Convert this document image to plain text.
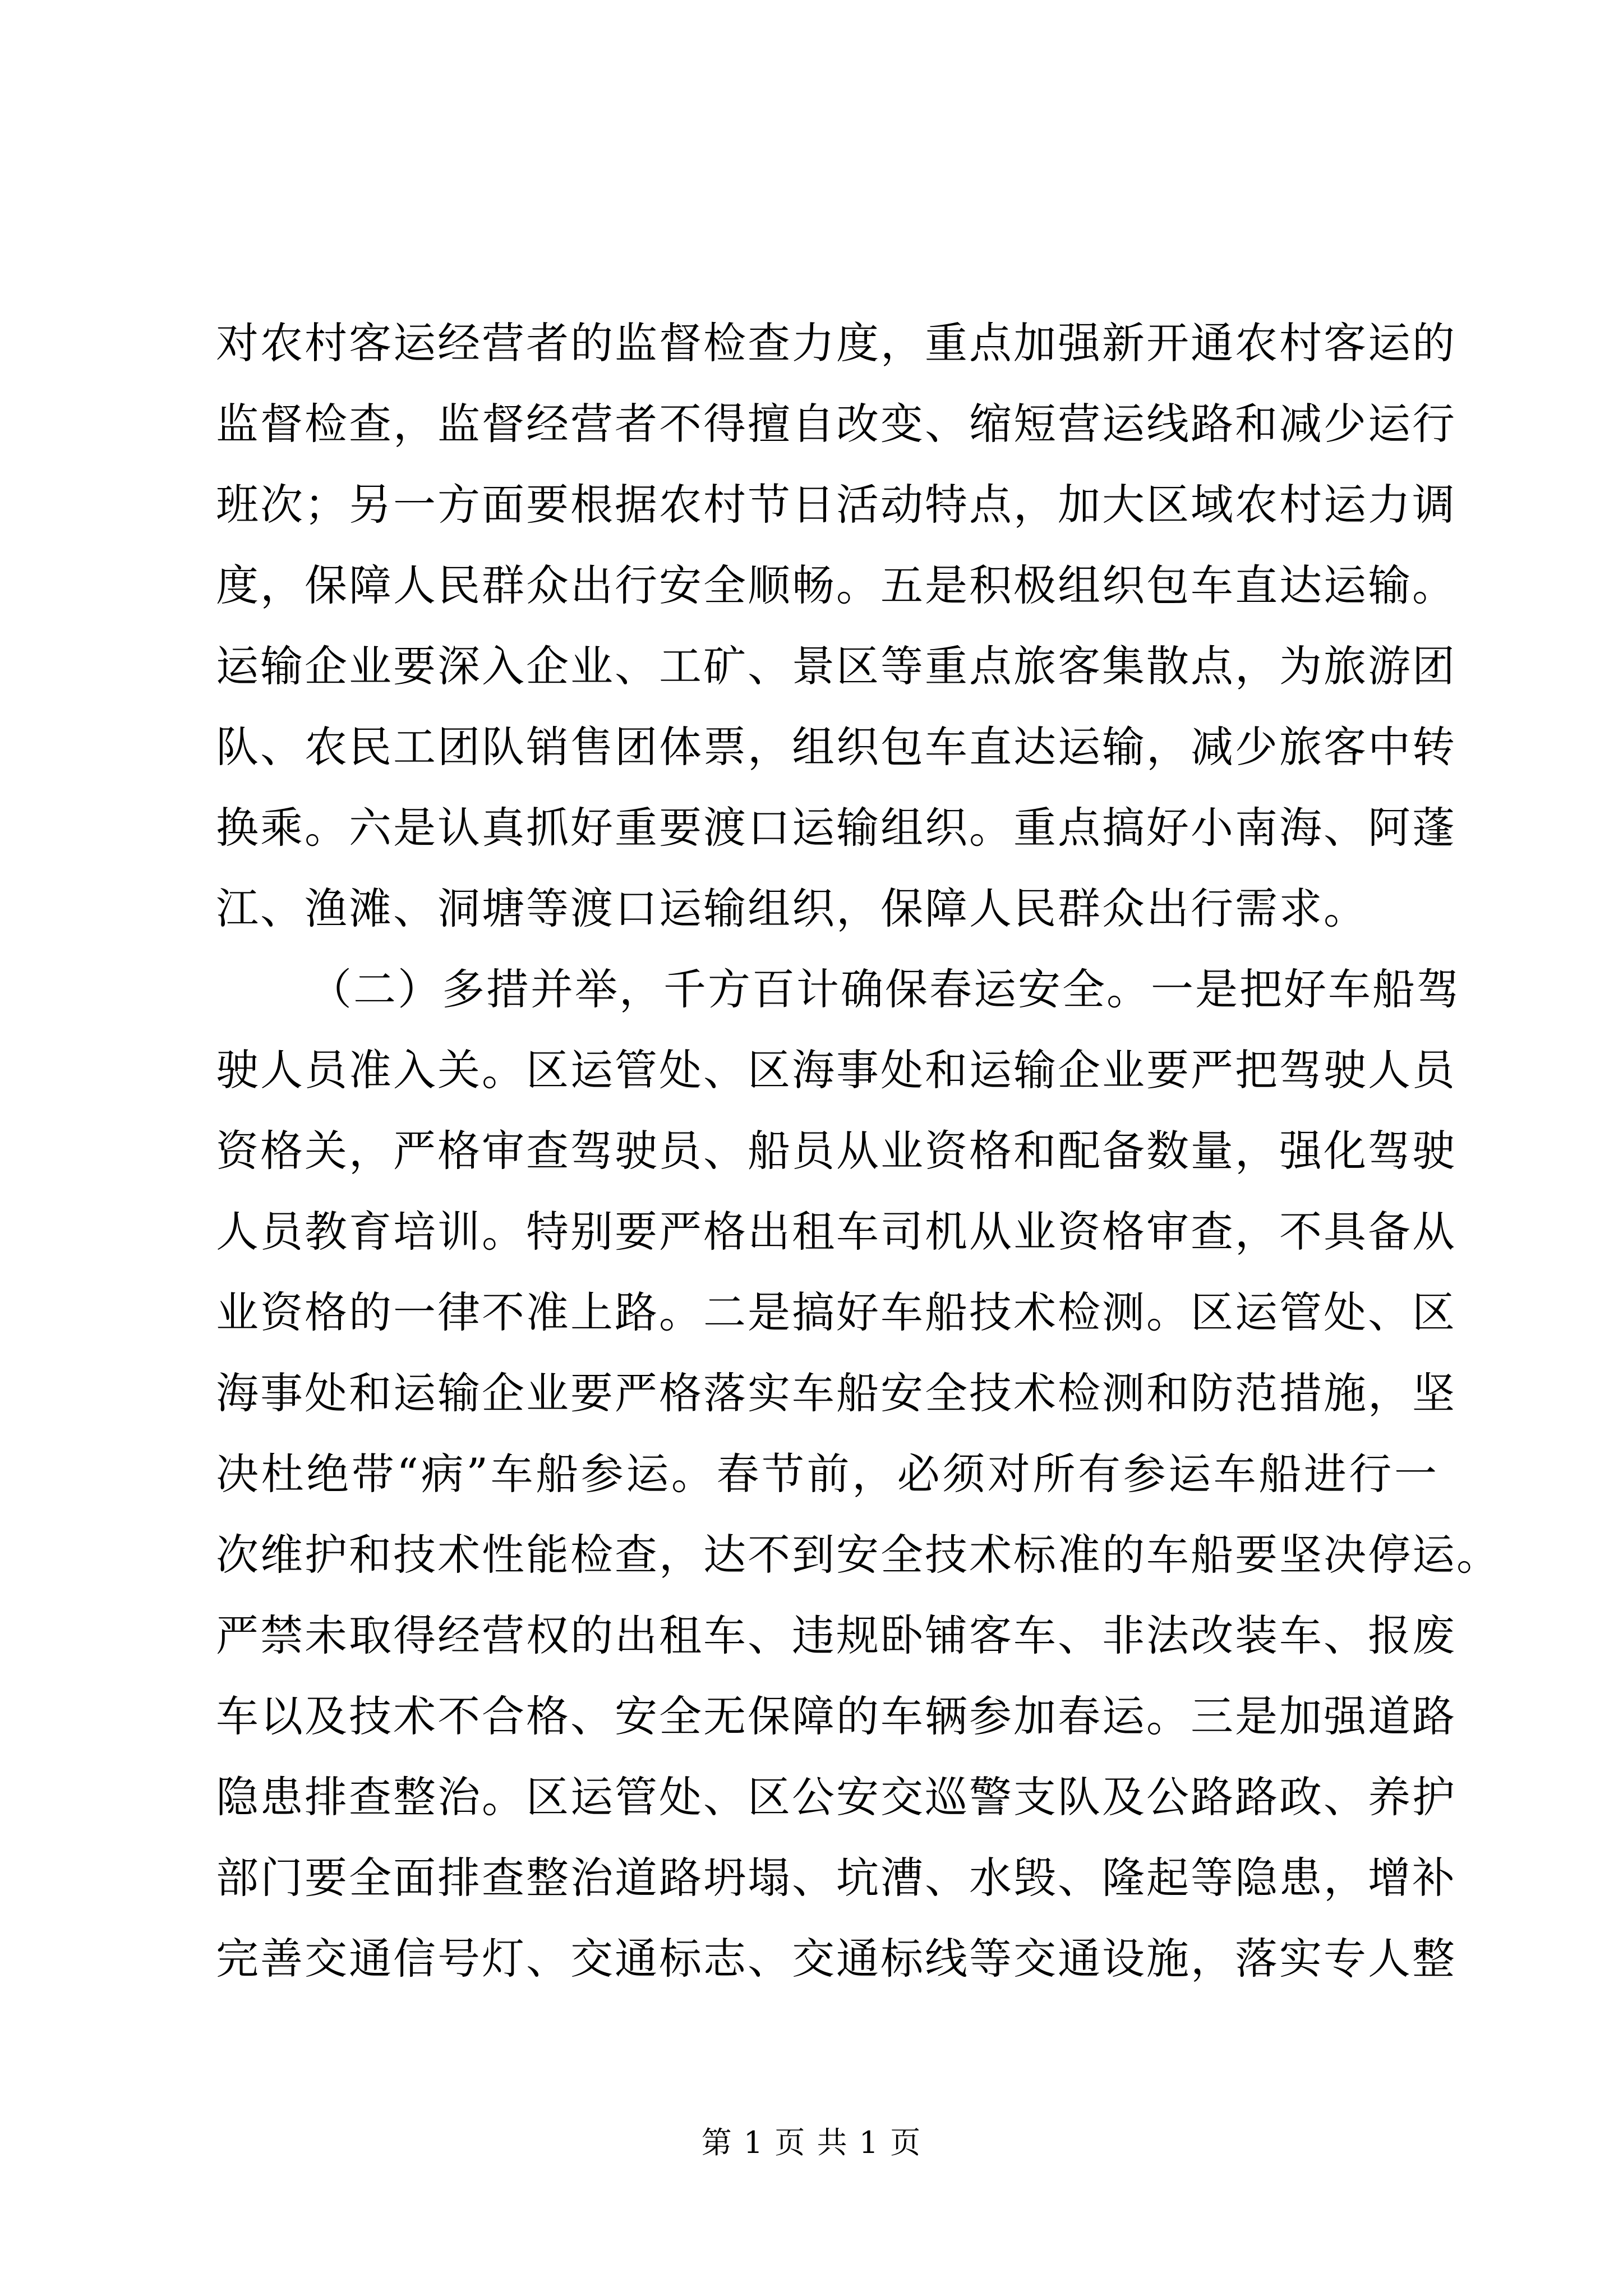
对农村客运经营者的监督检查力度，重点加强新开通农村客运的
监督检查，监督经营者不得擅自改变、缩短营运线路和减少运行
班次；另一方面要根据农村节日活动特点，加大区域农村运力调
度，保障人民群众出行安全顺畅。五是积极组织包车直达运输。
运输企业要深入企业、工矿、景区等重点旅客集散点，为旅游团
队、农民工团队销售团体票，组织包车直达运输，减少旅客中转
换乘。六是认真抓好重要渡口运输组织。重点搞好小南海、阿蓬
江、渔滩、洞塘等渡口运输组织，保障人民群众出行需求。
（二）多措并举，千方百计确保春运安全。一是把好车船驾
驶人员准入关。区运管处、区海事处和运输企业要严把驾驶人员
资格关，严格审查驾驶员、船员从业资格和配备数量，强化驾驶
人员教育培训。特别要严格出租车司机从业资格审查，不具备从
业资格的一律不准上路。二是搞好车船技术检测。区运管处、区
海事处和运输企业要严格落实车船安全技术检测和防范措施，坚
决杜绝带“病”车船参运。春节前，必须对所有参运车船进行一
次维护和技术性能检查，达不到安全技术标准的车船要坚决停运。
严禁未取得经营权的出租车、违规卧铺客车、非法改装车、报废
车以及技术不合格、安全无保障的车辆参加春运。三是加强道路
隐患排查整治。区运管处、区公安交巡警支队及公路路政、养护
部门要全面排查整治道路坍塌、坑漕、水毁、隆起等隐患，增补
完善交通信号灯、交通标志、交通标线等交通设施，落实专人整
第 1 页 共 1 页
